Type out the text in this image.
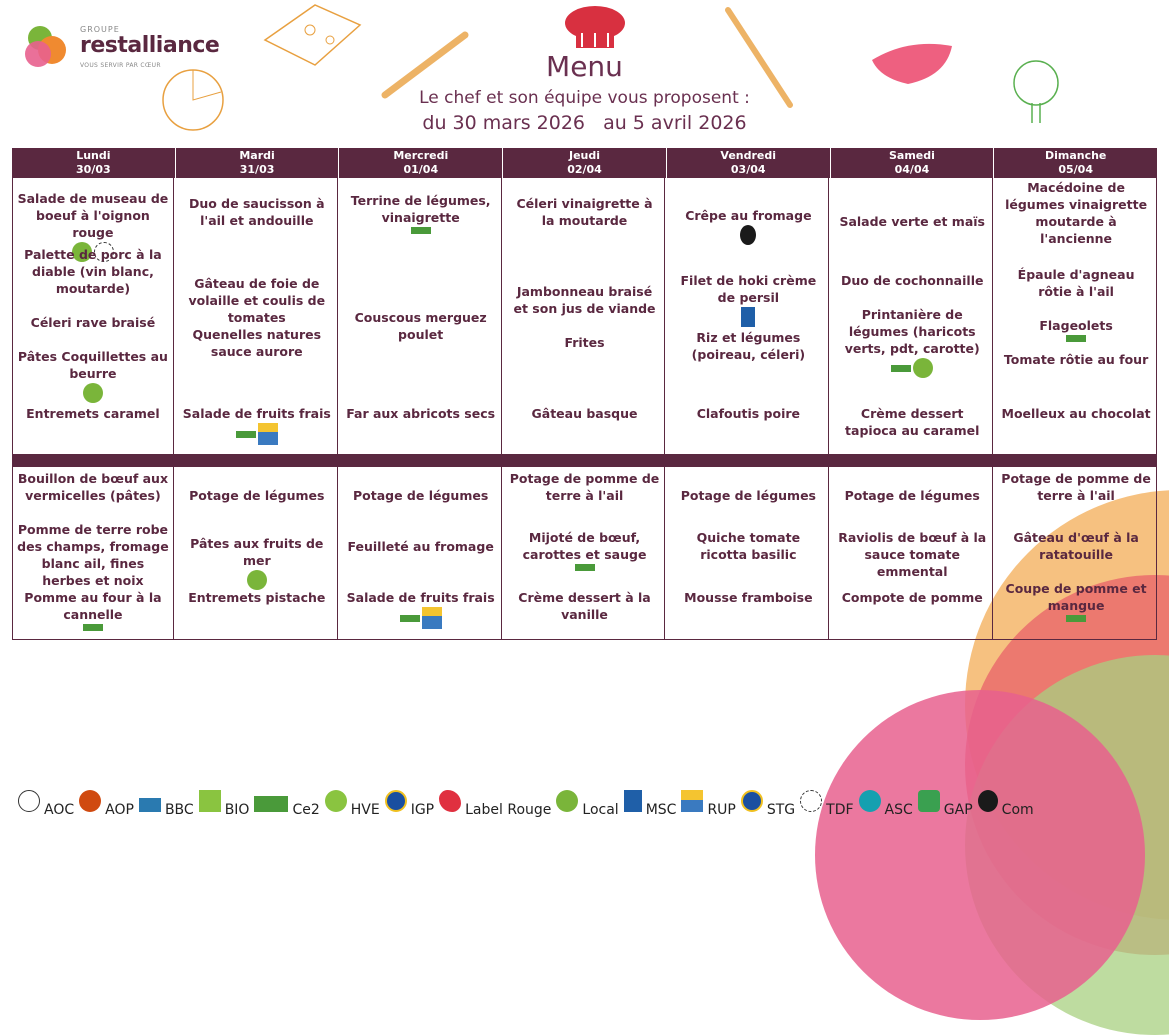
GROUPE
restalliance
VOUS SERVIR PAR CŒUR	Menu
Le chef et son équipe vous proposent :
du 30 mars 2026 au 5 avril 2026
Lundi
30/03
Mardi
31/03
Mercredi
01/04
Jeudi
02/04
Vendredi
03/04
Samedi
04/04
Dimanche
05/04
Salade de museau de boeuf à l'oignon rouge
Palette de porc à la diable (vin blanc, moutarde)
Céleri rave braisé
Pâtes Coquillettes au beurre
Entremets caramel
Duo de saucisson à l'ail et andouille
Gâteau de foie de volaille et coulis de tomates
Quenelles natures sauce aurore
Salade de fruits frais
Terrine de légumes, vinaigrette
Couscous merguez poulet
Far aux abricots secs
Céleri vinaigrette à la moutarde
Jambonneau braisé et son jus de viande
Frites
Gâteau basque
Crêpe au fromage
Filet de hoki crème de persil
Riz et légumes (poireau, céleri)
Clafoutis poire
Salade verte et maïs
Duo de cochonnaille
Printanière de légumes (haricots verts, pdt, carotte)
Crème dessert tapioca au caramel
Macédoine de légumes vinaigrette moutarde à l'ancienne
Épaule d'agneau rôtie à l'ail
Flageolets
Tomate rôtie au four
Moelleux au chocolat
Bouillon de bœuf aux vermicelles (pâtes)
Pomme de terre robe des champs, fromage blanc ail, fines herbes et noix
Pomme au four à la cannelle
Potage de légumes
Pâtes aux fruits de mer
Entremets pistache
Potage de légumes
Feuilleté au fromage
Salade de fruits frais
Potage de pomme de terre à l'ail
Mijoté de bœuf, carottes et sauge
Crème dessert à la vanille
Potage de légumes
Quiche tomate ricotta basilic
Mousse framboise
Potage de légumes
Raviolis de bœuf à la sauce tomate emmental
Compote de pomme
Potage de pomme de terre à l'ail
Gâteau d'œuf à la ratatouille
Coupe de pomme et mangue
AOC AOP BBC BIO	Ce2 HVE IGP Label Rouge Local MSC RUP STG TDF ASC GAP Com
